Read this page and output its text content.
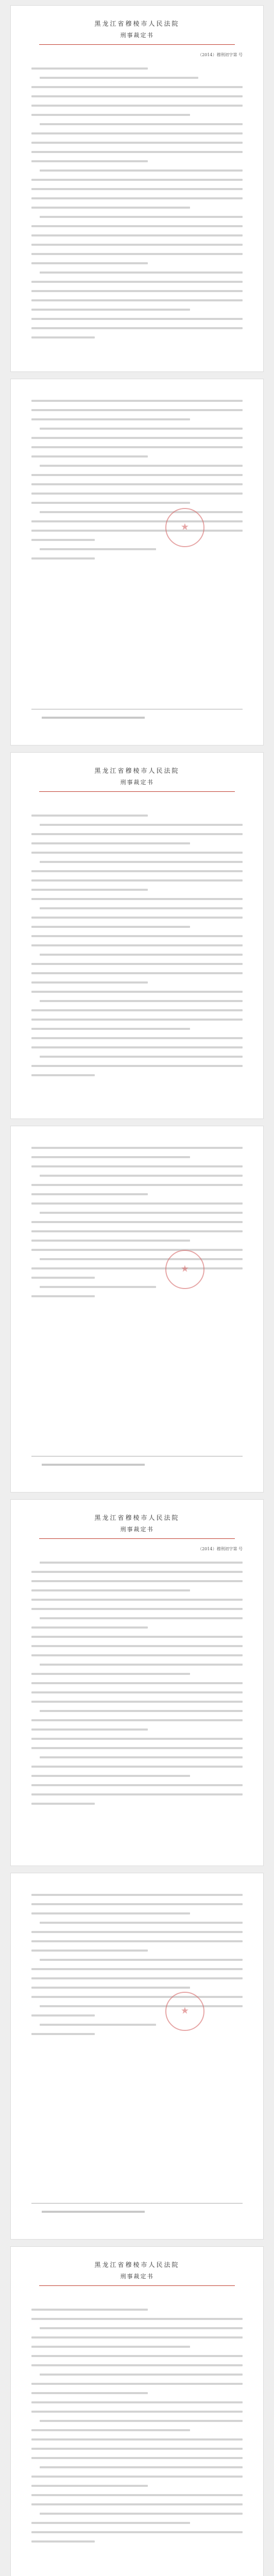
黑龙江省穆棱市人民法院
刑事裁定书
（2014）穆刑初字第 号
★
黑龙江省穆棱市人民法院
刑事裁定书
★
黑龙江省穆棱市人民法院
刑事裁定书
（2014）穆刑初字第 号
★
黑龙江省穆棱市人民法院
刑事裁定书
